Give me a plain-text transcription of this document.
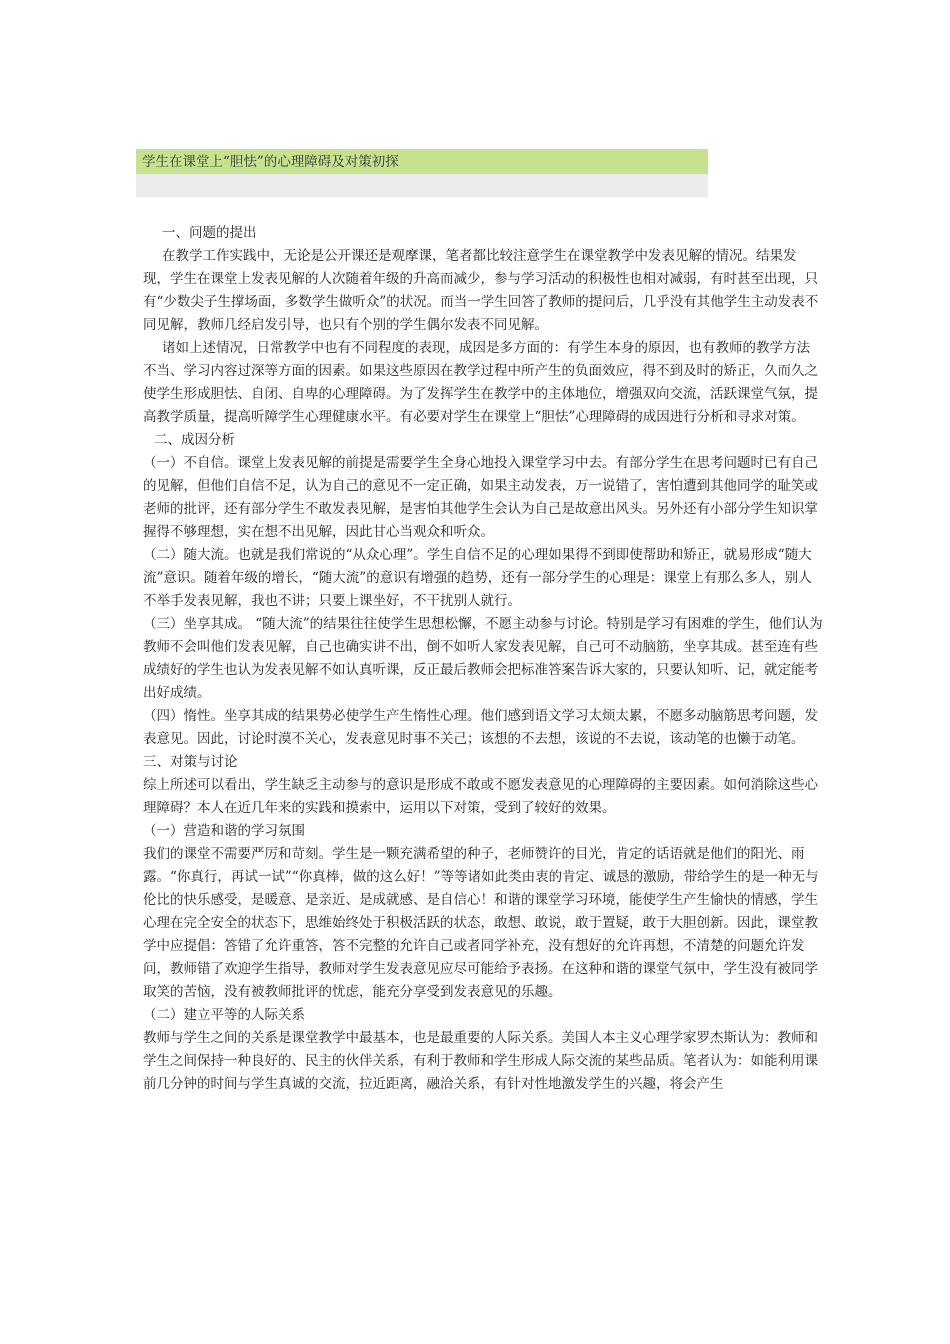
学生在课堂上“胆怯”的心理障碍及对策初探

一、问题的提出

在教学工作实践中，无论是公开课还是观摩课，笔者都比较注意学生在课堂教学中发表见解的情况。结果发现，学生在课堂上发表见解的人次随着年级的升高而减少，参与学习活动的积极性也相对减弱，有时甚至出现，只有“少数尖子生撑场面，多数学生做听众”的状况。而当一学生回答了教师的提问后，几乎没有其他学生主动发表不同见解，教师几经启发引导，也只有个别的学生偶尔发表不同见解。

诸如上述情况，日常教学中也有不同程度的表现，成因是多方面的：有学生本身的原因，也有教师的教学方法不当、学习内容过深等方面的因素。如果这些原因在教学过程中所产生的负面效应，得不到及时的矫正，久而久之使学生形成胆怯、自闭、自卑的心理障碍。为了发挥学生在教学中的主体地位，增强双向交流，活跃课堂气氛，提高教学质量，提高听障学生心理健康水平。有必要对学生在课堂上“胆怯”心理障碍的成因进行分析和寻求对策。

二、成因分析

（一）不自信。课堂上发表见解的前提是需要学生全身心地投入课堂学习中去。有部分学生在思考问题时已有自己的见解，但他们自信不足，认为自己的意见不一定正确，如果主动发表，万一说错了，害怕遭到其他同学的耻笑或老师的批评，还有部分学生不敢发表见解，是害怕其他学生会认为自己是故意出风头。另外还有小部分学生知识掌握得不够理想，实在想不出见解，因此甘心当观众和听众。

（二）随大流。也就是我们常说的“从众心理”。学生自信不足的心理如果得不到即使帮助和矫正，就易形成“随大流”意识。随着年级的增长，“随大流”的意识有增强的趋势，还有一部分学生的心理是：课堂上有那么多人，别人不举手发表见解，我也不讲；只要上课坐好，不干扰别人就行。

（三）坐享其成。 “随大流”的结果往往使学生思想松懈，不愿主动参与讨论。特别是学习有困难的学生，他们认为教师不会叫他们发表见解，自己也确实讲不出，倒不如听人家发表见解，自己可不动脑筋，坐享其成。甚至连有些成绩好的学生也认为发表见解不如认真听课，反正最后教师会把标准答案告诉大家的，只要认知听、记，就定能考出好成绩。

（四）惰性。坐享其成的结果势必使学生产生惰性心理。他们感到语文学习太烦太累，不愿多动脑筋思考问题，发表意见。因此，讨论时漠不关心，发表意见时事不关己；该想的不去想，该说的不去说，该动笔的也懒于动笔。

三、对策与讨论

综上所述可以看出，学生缺乏主动参与的意识是形成不敢或不愿发表意见的心理障碍的主要因素。如何消除这些心理障碍？本人在近几年来的实践和摸索中，运用以下对策，受到了较好的效果。

（一）营造和谐的学习氛围

我们的课堂不需要严厉和苛刻。学生是一颗充满希望的种子，老师赞许的目光，肯定的话语就是他们的阳光、雨露。“你真行，再试一试”“你真棒，做的这么好！”等等诸如此类由衷的肯定、诚恳的激励，带给学生的是一种无与伦比的快乐感受，是暖意、是亲近、是成就感、是自信心！和谐的课堂学习环境，能使学生产生愉快的情感，学生心理在完全安全的状态下，思维始终处于积极活跃的状态，敢想、敢说，敢于置疑，敢于大胆创新。因此，课堂教学中应提倡：答错了允许重答，答不完整的允许自己或者同学补充，没有想好的允许再想，不清楚的问题允许发问，教师错了欢迎学生指导，教师对学生发表意见应尽可能给予表扬。在这种和谐的课堂气氛中，学生没有被同学取笑的苦恼，没有被教师批评的忧虑，能充分享受到发表意见的乐趣。

（二）建立平等的人际关系

教师与学生之间的关系是课堂教学中最基本，也是最重要的人际关系。美国人本主义心理学家罗杰斯认为：教师和学生之间保持一种良好的、民主的伙伴关系，有利于教师和学生形成人际交流的某些品质。笔者认为：如能利用课前几分钟的时间与学生真诚的交流，拉近距离，融洽关系，有针对性地激发学生的兴趣，将会产生
